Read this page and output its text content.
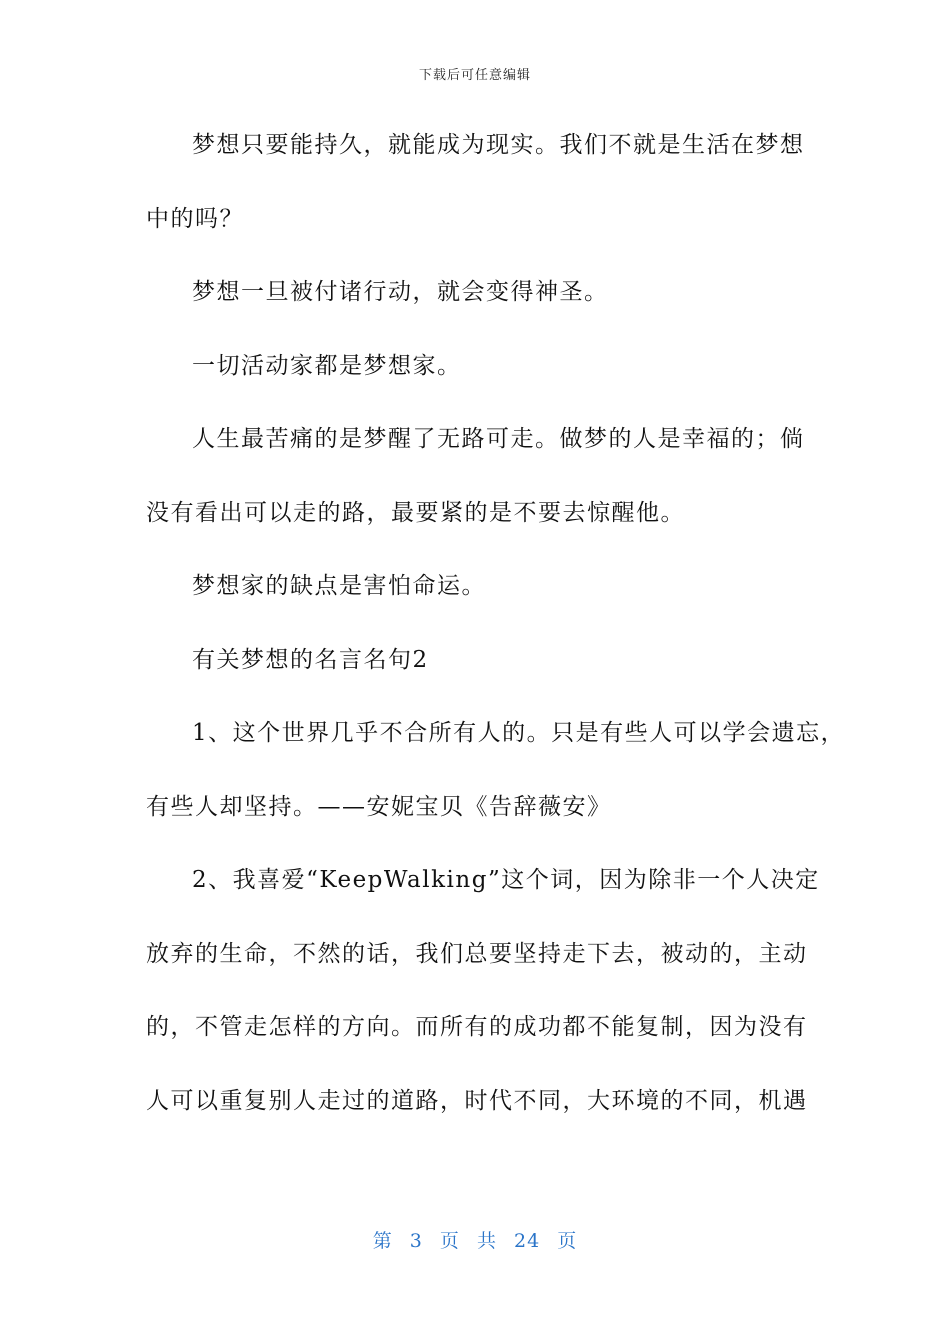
下载后可任意编辑
梦想只要能持久，就能成为现实。我们不就是生活在梦想
中的吗？
梦想一旦被付诸行动，就会变得神圣。
一切活动家都是梦想家。
人生最苦痛的是梦醒了无路可走。做梦的人是幸福的；倘
没有看出可以走的路，最要紧的是不要去惊醒他。
梦想家的缺点是害怕命运。
有关梦想的名言名句2
1、这个世界几乎不合所有人的。只是有些人可以学会遗忘，
有些人却坚持。——安妮宝贝《告辞薇安》
2、我喜爱“KeepWalking”这个词，因为除非一个人决定
放弃的生命，不然的话，我们总要坚持走下去，被动的，主动
的，不管走怎样的方向。而所有的成功都不能复制，因为没有
人可以重复别人走过的道路，时代不同，大环境的不同，机遇
第 3 页 共 24 页
